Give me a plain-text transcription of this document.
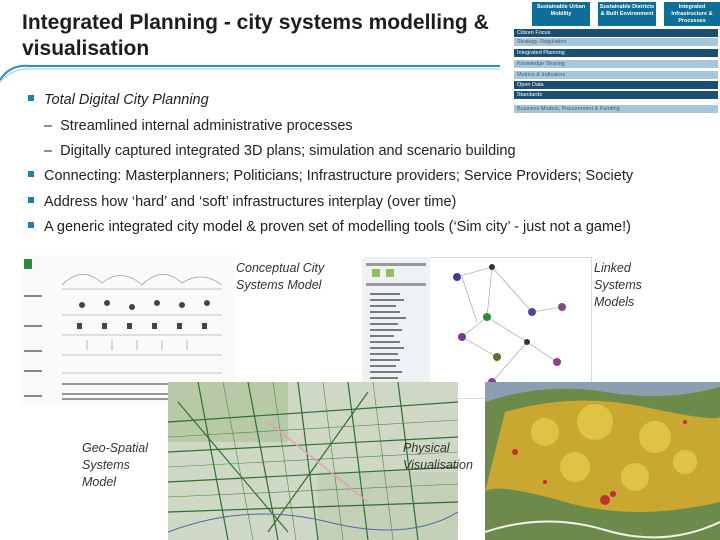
Integrated Planning - city systems modelling & visualisation
Sustainable Urban Mobility
Sustainable Districts & Built Environment
Integrated Infrastructure & Processes
Citizen Focus
Strategy, Regulation
Integrated Planning
Knowledge Sharing
Metrics & Indicators
Open Data
Standards
Business Models, Procurement & Funding
Total Digital City Planning
–  Streamlined internal administrative processes
–  Digitally captured integrated 3D plans; simulation and scenario building
Connecting: Masterplanners; Politicians; Infrastructure providers; Service Providers; Society
Address how ‘hard’ and ‘soft’ infrastructures interplay (over time)
A generic integrated city model & proven set of modelling tools (‘Sim city’ - just not a game!)
Conceptual City Systems Model
Linked Systems Models
Geo-Spatial Systems Model
Physical Visualisation
